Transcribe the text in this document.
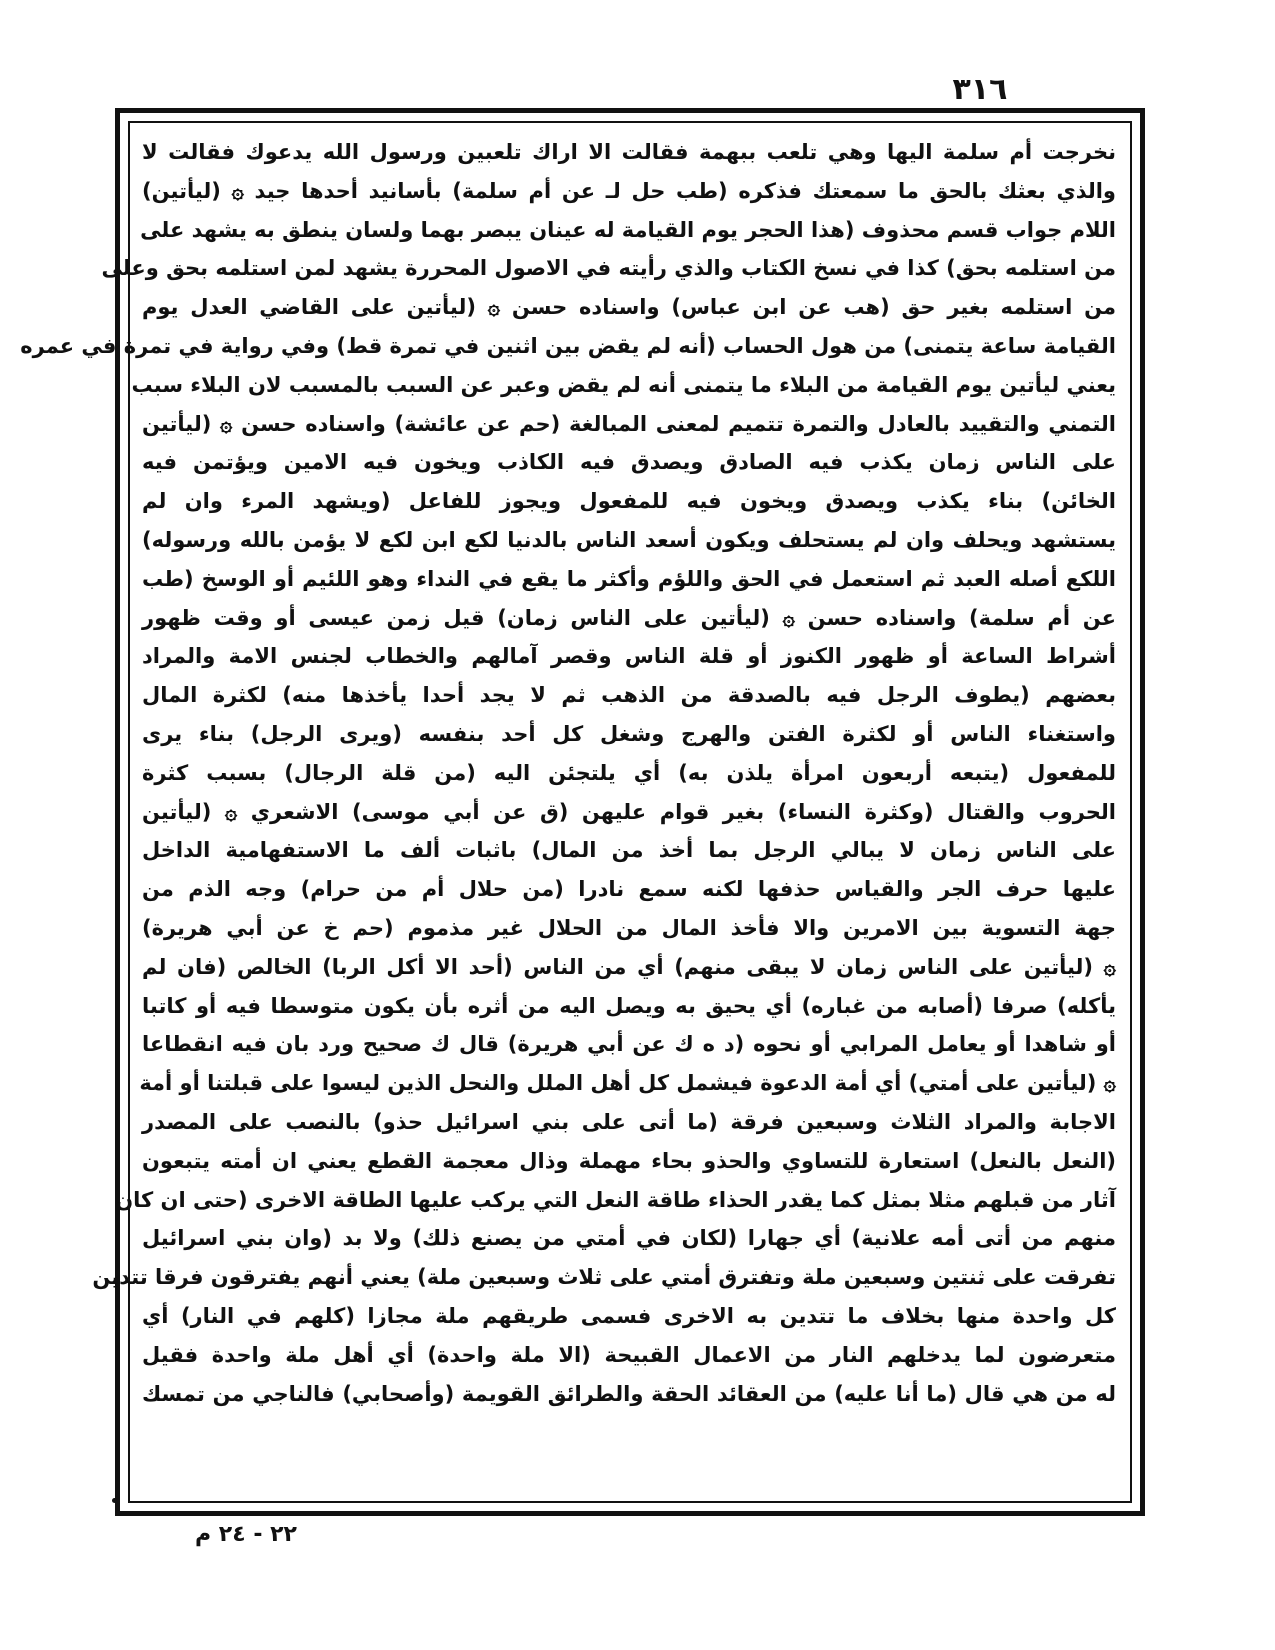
٣١٦
نخرجت أم سلمة اليها وهي تلعب ببهمة فقالت الا اراك تلعبين ورسول الله يدعوك فقالت لا
والذي بعثك بالحق ما سمعتك فذكره (طب حل لـ عن أم سلمة) بأسانيد أحدها جيد ۞ (ليأتين)
اللام جواب قسم محذوف (هذا الحجر يوم القيامة له عينان يبصر بهما ولسان ينطق به يشهد على
من استلمه بحق) كذا في نسخ الكتاب والذي رأيته في الاصول المحررة يشهد لمن استلمه بحق وعلى
من استلمه بغير حق (هب عن ابن عباس) واسناده حسن ۞ (ليأتين على القاضي العدل يوم
القيامة ساعة يتمنى) من هول الحساب (أنه لم يقض بين اثنين في تمرة قط) وفي رواية في تمرة في عمره
يعني ليأتين يوم القيامة من البلاء ما يتمنى أنه لم يقض وعبر عن السبب بالمسبب لان البلاء سبب
التمني والتقييد بالعادل والتمرة تتميم لمعنى المبالغة (حم عن عائشة) واسناده حسن ۞ (ليأتين
على الناس زمان يكذب فيه الصادق ويصدق فيه الكاذب ويخون فيه الامين ويؤتمن فيه
الخائن) بناء يكذب ويصدق ويخون فيه للمفعول ويجوز للفاعل (ويشهد المرء وان لم
يستشهد ويحلف وان لم يستحلف ويكون أسعد الناس بالدنيا لكع ابن لكع لا يؤمن بالله ورسوله)
اللكع أصله العبد ثم استعمل في الحق واللؤم وأكثر ما يقع في النداء وهو اللئيم أو الوسخ (طب
عن أم سلمة) واسناده حسن ۞ (ليأتين على الناس زمان) قيل زمن عيسى أو وقت ظهور
أشراط الساعة أو ظهور الكنوز أو قلة الناس وقصر آمالهم والخطاب لجنس الامة والمراد
بعضهم (يطوف الرجل فيه بالصدقة من الذهب ثم لا يجد أحدا يأخذها منه) لكثرة المال
واستغناء الناس أو لكثرة الفتن والهرج وشغل كل أحد بنفسه (ويرى الرجل) بناء يرى
للمفعول (يتبعه أربعون امرأة يلذن به) أي يلتجئن اليه (من قلة الرجال) بسبب كثرة
الحروب والقتال (وكثرة النساء) بغير قوام عليهن (ق عن أبي موسى) الاشعري ۞ (ليأتين
على الناس زمان لا يبالي الرجل بما أخذ من المال) باثبات ألف ما الاستفهامية الداخل
عليها حرف الجر والقياس حذفها لكنه سمع نادرا (من حلال أم من حرام) وجه الذم من
جهة التسوية بين الامرين والا فأخذ المال من الحلال غير مذموم (حم خ عن أبي هريرة)
۞ (ليأتين على الناس زمان لا يبقى منهم) أي من الناس (أحد الا أكل الربا) الخالص (فان لم
يأكله) صرفا (أصابه من غباره) أي يحيق به ويصل اليه من أثره بأن يكون متوسطا فيه أو كاتبا
أو شاهدا أو يعامل المرابي أو نحوه (د ه ك عن أبي هريرة) قال ك صحيح ورد بان فيه انقطاعا
۞ (ليأتين على أمتي) أي أمة الدعوة فيشمل كل أهل الملل والنحل الذين ليسوا على قبلتنا أو أمة
الاجابة والمراد الثلاث وسبعين فرقة (ما أتى على بني اسرائيل حذو) بالنصب على المصدر
(النعل بالنعل) استعارة للتساوي والحذو بحاء مهملة وذال معجمة القطع يعني ان أمته يتبعون
آثار من قبلهم مثلا بمثل كما يقدر الحذاء طاقة النعل التي يركب عليها الطاقة الاخرى (حتى ان كان
منهم من أتى أمه علانية) أي جهارا (لكان في أمتي من يصنع ذلك) ولا بد (وان بني اسرائيل
تفرقت على ثنتين وسبعين ملة وتفترق أمتي على ثلاث وسبعين ملة) يعني أنهم يفترقون فرقا تتدين
كل واحدة منها بخلاف ما تتدين به الاخرى فسمى طريقهم ملة مجازا (كلهم في النار) أي
متعرضون لما يدخلهم النار من الاعمال القبيحة (الا ملة واحدة) أي أهل ملة واحدة فقيل
له من هي قال (ما أنا عليه) من العقائد الحقة والطرائق القويمة (وأصحابي) فالناجي من تمسك
٢٢ - ٢٤ م
